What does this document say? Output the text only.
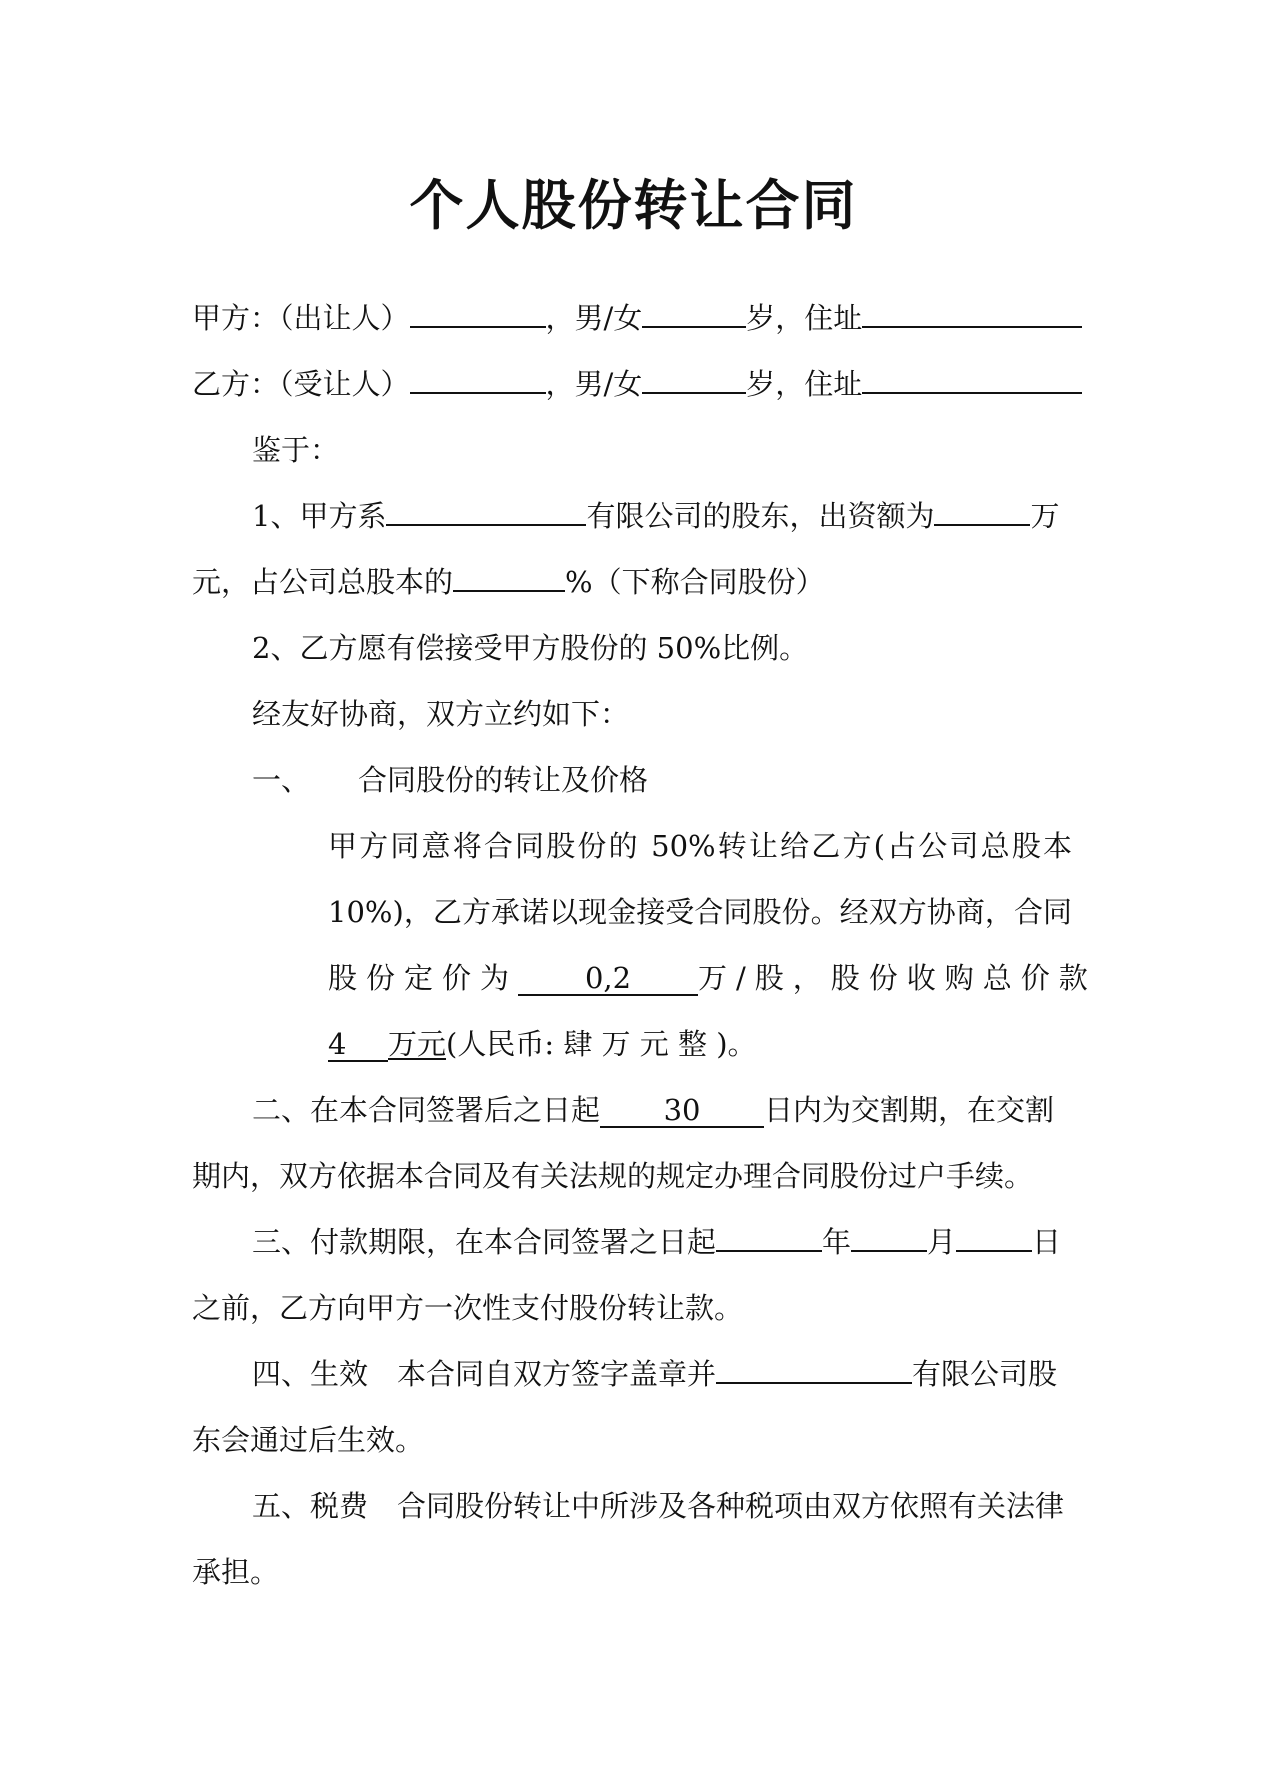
个人股份转让合同
甲方：（出让人）	，男/女	岁，住址
乙方：（受让人）	，男/女	岁，住址
鉴于：
1、甲方系	有限公司的股东，出资额为	万
元，占公司总股本的	%（下称合同股份）
2、乙方愿有偿接受甲方股份的 50%比例。
经友好协商，双方立约如下：
一、 合同股份的转让及价格
甲方同意将合同股份的 50%转让给乙方(占公司总股本
10%)，乙方承诺以现金接受合同股份。经双方协商，合同
股份定价为 0,2 万/股，股份收购总价款
4 万元(人民币: 肆 万 元 整 )。
二、在本合同签署后之日起 30 日内为交割期，在交割
期内，双方依据本合同及有关法规的规定办理合同股份过户手续。
三、付款期限，在本合同签署之日起	年	月	日
之前，乙方向甲方一次性支付股份转让款。
四、生效　本合同自双方签字盖章并	有限公司股
东会通过后生效。
五、税费　合同股份转让中所涉及各种税项由双方依照有关法律
承担。
